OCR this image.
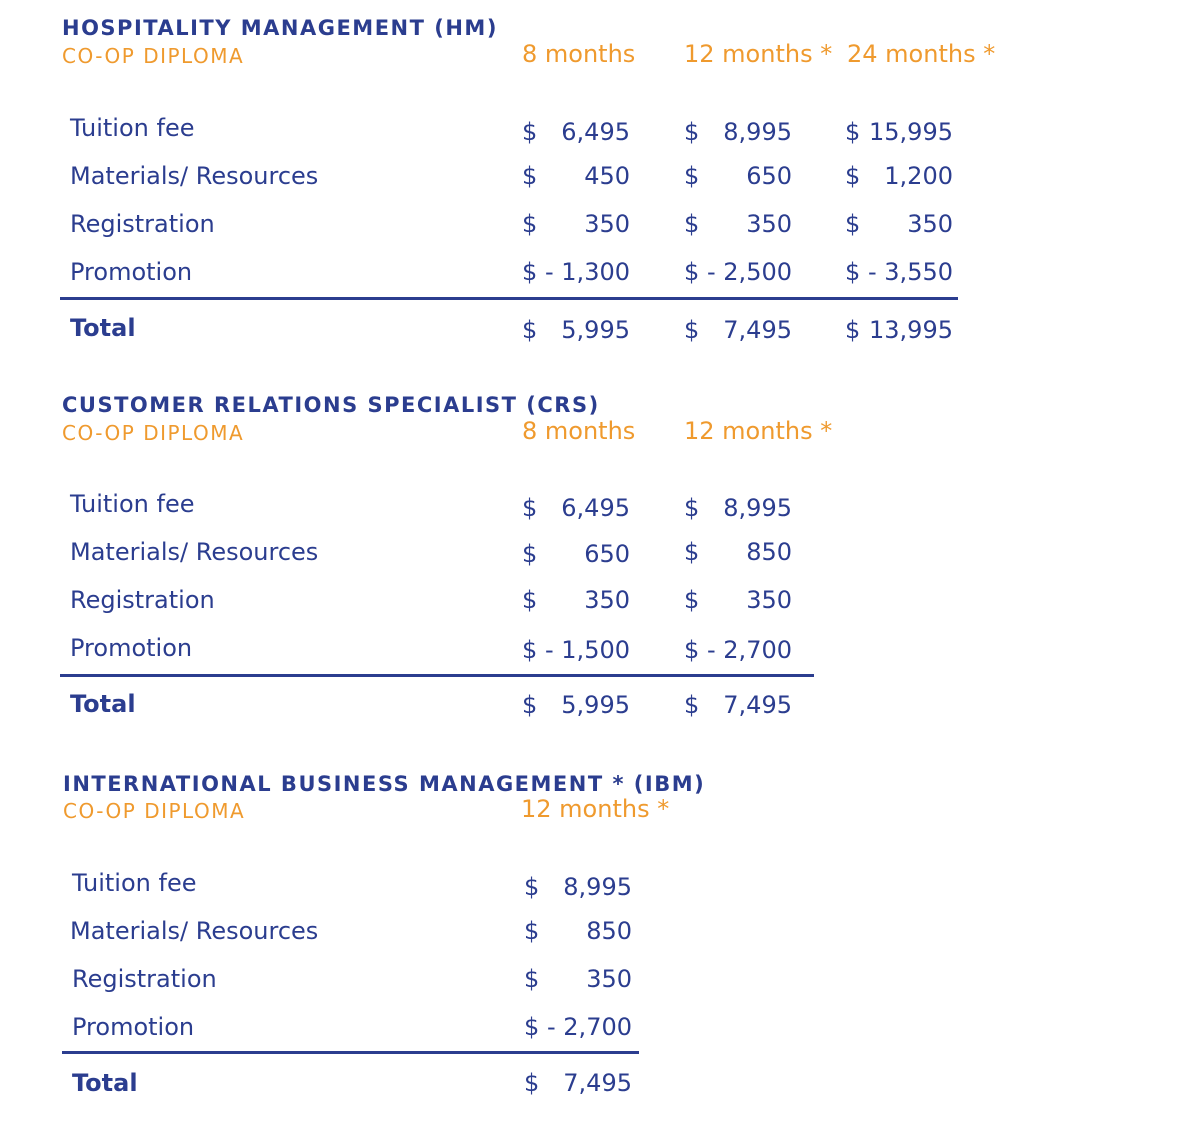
HOSPITALITY MANAGEMENT (HM)
CO-OP DIPLOMA	8 months 12 months * 24 months *
Tuition fee	$ 6,495 $ 8,995 $ 15,995
Materials/ Resources	$ 450 $ 650 $ 1,200
Registration	$ 350 $ 350 $ 350
Promotion	$ - 1,300 $ - 2,500 $ - 3,550
Total	$ 5,995 $ 7,495 $ 13,995
CUSTOMER RELATIONS SPECIALIST (CRS)
CO-OP DIPLOMA	8 months 12 months *
Tuition fee	$ 6,495 $ 8,995
Materials/ Resources	$ 650 $ 850
Registration	$ 350 $ 350
Promotion	$ - 1,500 $ - 2,700
Total	$ 5,995 $ 7,495
INTERNATIONAL BUSINESS MANAGEMENT * (IBM)
CO-OP DIPLOMA	12 months *
Tuition fee	$ 8,995
Materials/ Resources	$ 850
Registration	$ 350
Promotion	$ - 2,700
Total	$ 7,495
